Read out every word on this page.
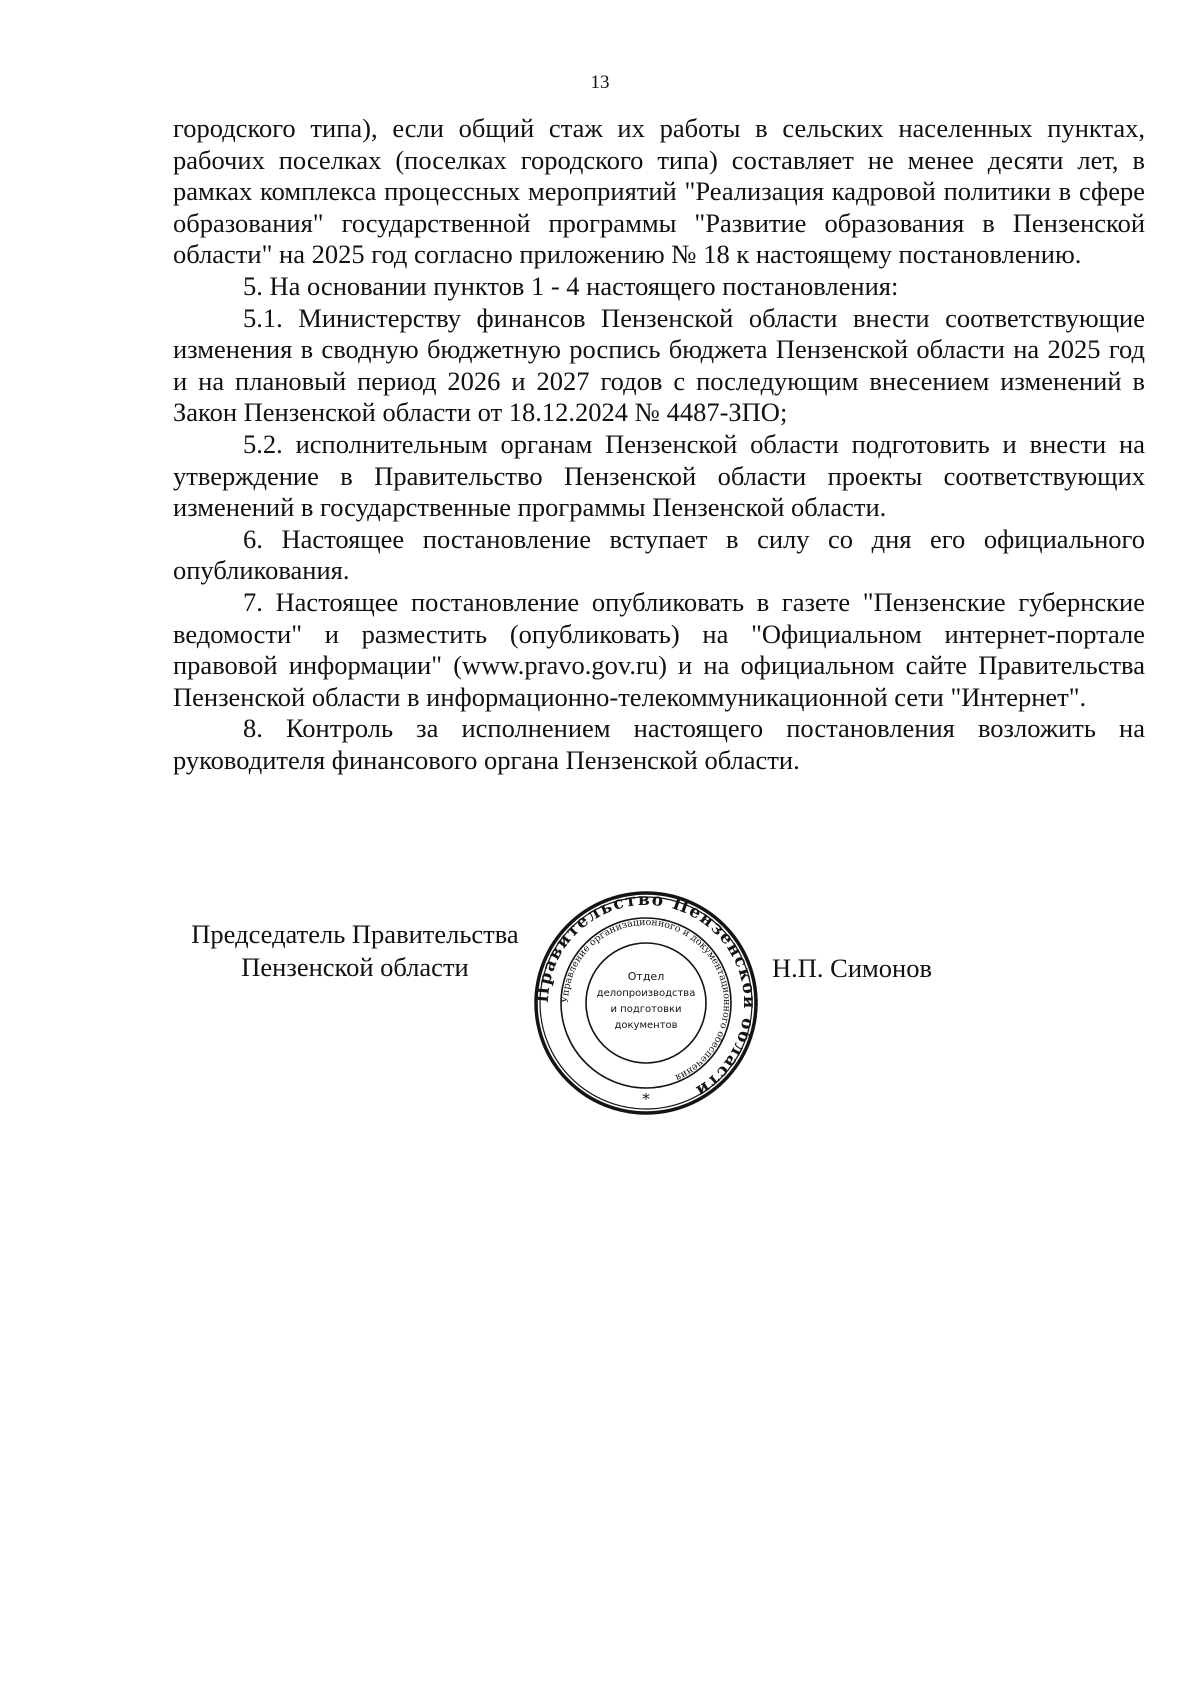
13

городского типа), если общий стаж их работы в сельских населенных пунктах, рабочих поселках (поселках городского типа) составляет не менее десяти лет, в рамках комплекса процессных мероприятий "Реализация кадровой политики в сфере образования" государственной программы "Развитие образования в Пензенской области" на 2025 год согласно приложению № 18 к настоящему постановлению.

5. На основании пунктов 1 - 4 настоящего постановления:

5.1. Министерству финансов Пензенской области внести соответствующие изменения в сводную бюджетную роспись бюджета Пензенской области на 2025 год и на плановый период 2026 и 2027 годов с последующим внесением изменений в Закон Пензенской области от 18.12.2024 № 4487-ЗПО;

5.2. исполнительным органам Пензенской области подготовить и внести на утверждение в Правительство Пензенской области проекты соответствующих изменений в государственные программы Пензенской области.

6. Настоящее постановление вступает в силу со дня его официального опубликования.

7. Настоящее постановление опубликовать в газете "Пензенские губернские ведомости" и разместить (опубликовать) на "Официальном интернет-портале правовой информации" (www.pravo.gov.ru) и на официальном сайте Правительства Пензенской области в информационно-телекоммуникационной сети "Интернет".

8. Контроль за исполнением настоящего постановления возложить на руководителя финансового органа Пензенской области.

Председатель Правительства
Пензенской области
Правительство Пензенской области
Управление организационного и документационного обеспечения
*
Отдел
делопроизводства
и подготовки
документов
Н.П. Симонов
